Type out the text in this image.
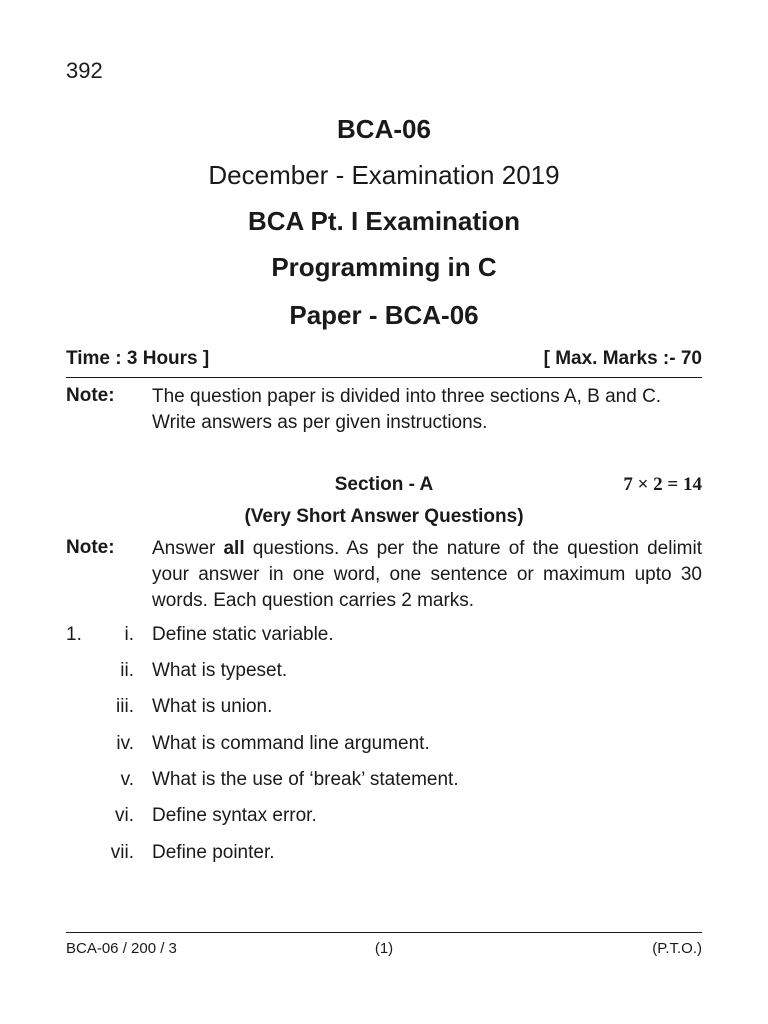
392
BCA-06
December - Examination 2019
BCA Pt. I Examination
Programming in C
Paper - BCA-06
Time : 3 Hours ]	[ Max. Marks :- 70
Note: The question paper is divided into three sections A, B and C. Write answers as per given instructions.
Section - A	7 × 2 = 14
(Very Short Answer Questions)
Note: Answer all questions. As per the nature of the question delimit your answer in one word, one sentence or maximum upto 30 words. Each question carries 2 marks.
1.	i. Define static variable.
ii. What is typeset.
iii. What is union.
iv. What is command line argument.
v. What is the use of ‘break’ statement.
vi. Define syntax error.
vii. Define pointer.
BCA-06 / 200 / 3	(1)	(P.T.O.)
